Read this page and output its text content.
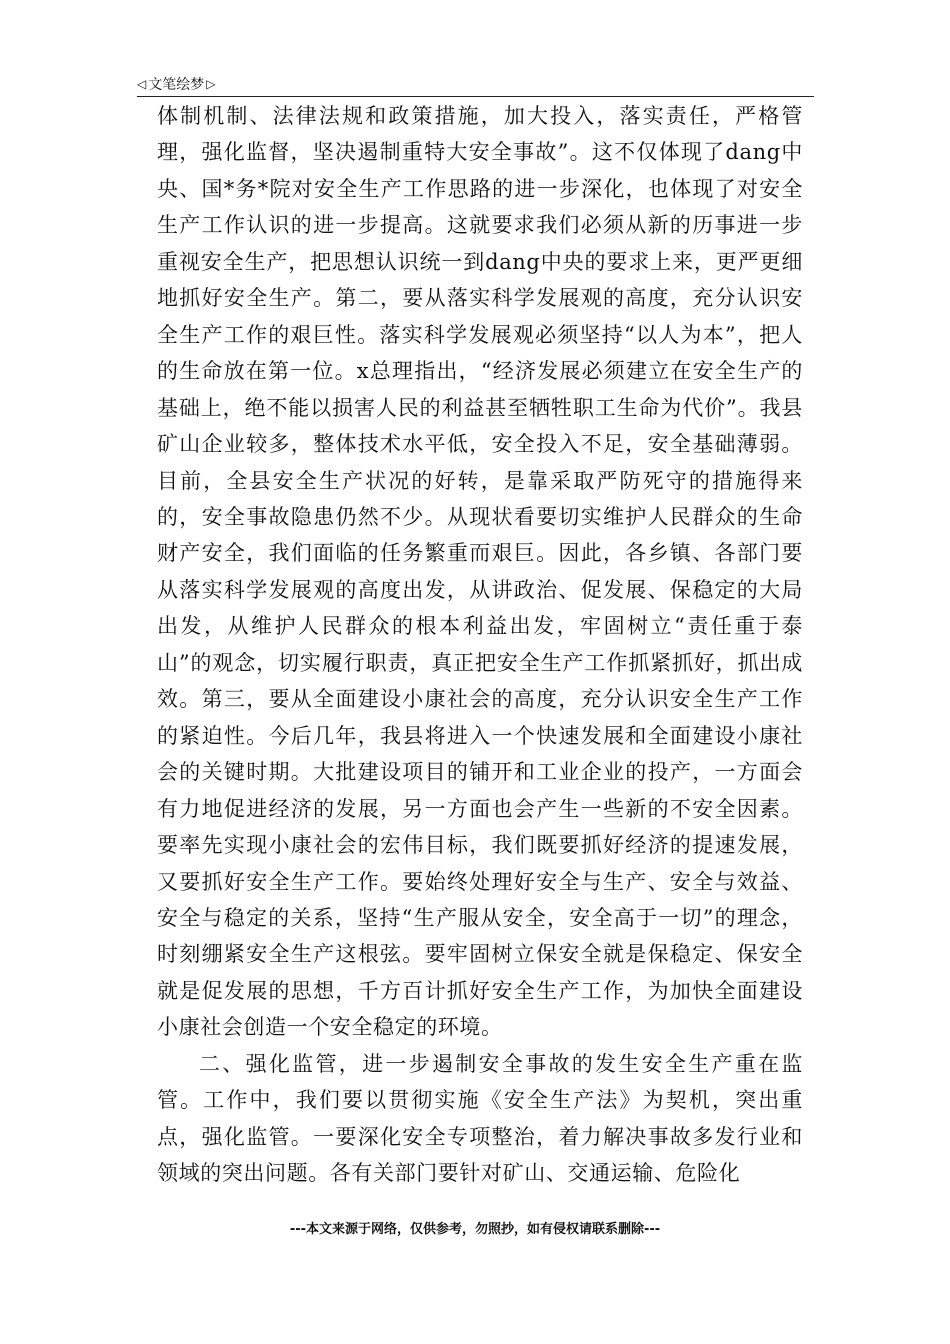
◁ 文笔绘梦 ▷

体制机制、法律法规和政策措施，加大投入，落实责任，严格管理，强化监督，坚决遏制重特大安全事故”。这不仅体现了dang中央、国*务*院对安全生产工作思路的进一步深化，也体现了对安全生产工作认识的进一步提高。这就要求我们必须从新的历事进一步重视安全生产，把思想认识统一到dang中央的要求上来，更严更细地抓好安全生产。第二，要从落实科学发展观的高度，充分认识安全生产工作的艰巨性。落实科学发展观必须坚持“以人为本”，把人的生命放在第一位。x总理指出，“经济发展必须建立在安全生产的基础上，绝不能以损害人民的利益甚至牺牲职工生命为代价”。我县矿山企业较多，整体技术水平低，安全投入不足，安全基础薄弱。目前，全县安全生产状况的好转，是靠采取严防死守的措施得来的，安全事故隐患仍然不少。从现状看要切实维护人民群众的生命财产安全，我们面临的任务繁重而艰巨。因此，各乡镇、各部门要从落实科学发展观的高度出发，从讲政治、促发展、保稳定的大局出发，从维护人民群众的根本利益出发，牢固树立“责任重于泰山”的观念，切实履行职责，真正把安全生产工作抓紧抓好，抓出成效。第三，要从全面建设小康社会的高度，充分认识安全生产工作的紧迫性。今后几年，我县将进入一个快速发展和全面建设小康社会的关键时期。大批建设项目的铺开和工业企业的投产，一方面会有力地促进经济的发展，另一方面也会产生一些新的不安全因素。要率先实现小康社会的宏伟目标，我们既要抓好经济的提速发展，又要抓好安全生产工作。要始终处理好安全与生产、安全与效益、安全与稳定的关系，坚持“生产服从安全，安全高于一切”的理念，时刻绷紧安全生产这根弦。要牢固树立保安全就是保稳定、保安全就是促发展的思想，千方百计抓好安全生产工作，为加快全面建设小康社会创造一个安全稳定的环境。

二、强化监管，进一步遏制安全事故的发生安全生产重在监管。工作中，我们要以贯彻实施《安全生产法》为契机，突出重点，强化监管。一要深化安全专项整治，着力解决事故多发行业和领域的突出问题。各有关部门要针对矿山、交通运输、危险化

---本文来源于网络，仅供参考，勿照抄，如有侵权请联系删除---
